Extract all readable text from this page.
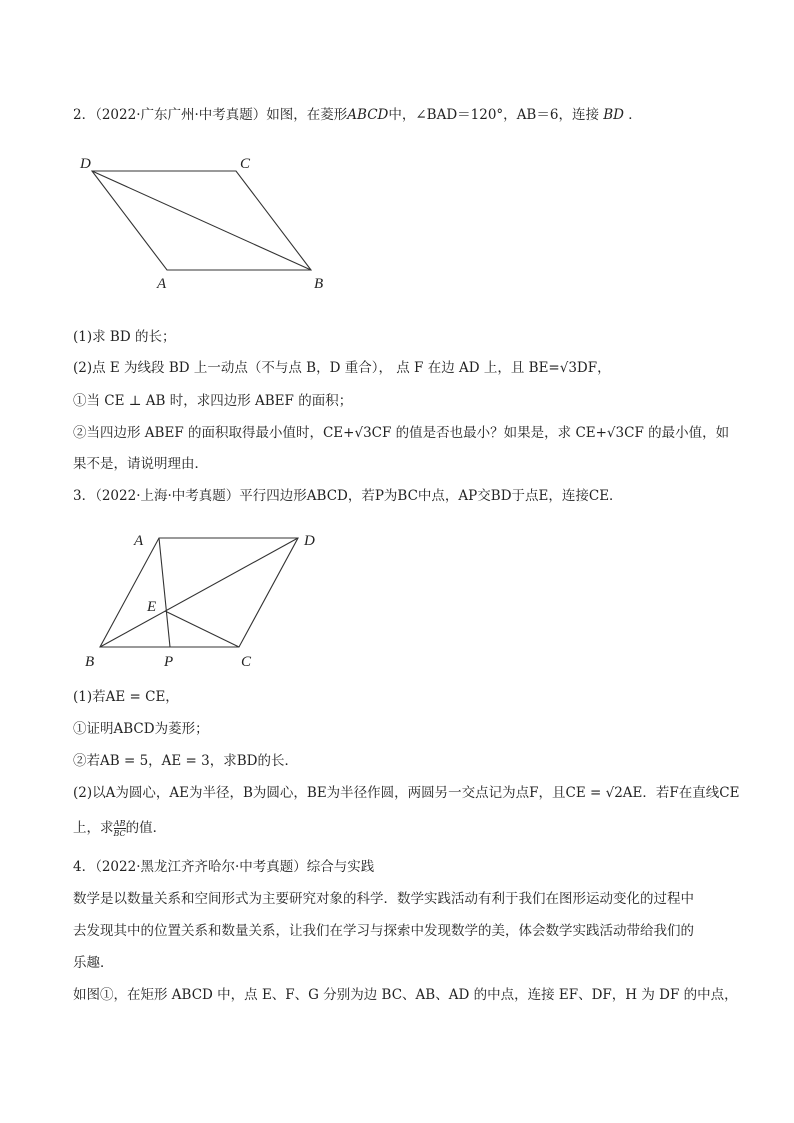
2．（2022·广东广州·中考真题）如图，在菱形ABCD中，∠BAD＝120°，AB＝6，连接 BD ．
D	C
A	B
(1)求 BD 的长；
(2)点 E 为线段 BD 上一动点（不与点 B，D 重合）， 点 F 在边 AD 上，且 BE=√3DF，
①当 CE ⊥ AB 时，求四边形 ABEF 的面积；
②当四边形 ABEF 的面积取得最小值时，CE+√3CF 的值是否也最小？如果是，求 CE+√3CF 的最小值，如
果不是，请说明理由．
3．（2022·上海·中考真题）平行四边形ABCD，若P为BC中点，AP交BD于点E，连接CE．
A	D
E
B	P	C
(1)若AE = CE，
①证明ABCD为菱形；
②若AB = 5，AE = 3，求BD的长．
(2)以A为圆心，AE为半径，B为圆心，BE为半径作圆，两圆另一交点记为点F，且CE = √2AE．若F在直线CE
上，求 $\frac{AB}{BC}$ 的值．
4．（2022·黑龙江齐齐哈尔·中考真题）综合与实践
数学是以数量关系和空间形式为主要研究对象的科学．数学实践活动有利于我们在图形运动变化的过程中
去发现其中的位置关系和数量关系，让我们在学习与探索中发现数学的美，体会数学实践活动带给我们的
乐趣．
如图①，在矩形 ABCD 中，点 E、F、G 分别为边 BC、AB、AD 的中点，连接 EF、DF，H 为 DF 的中点，
